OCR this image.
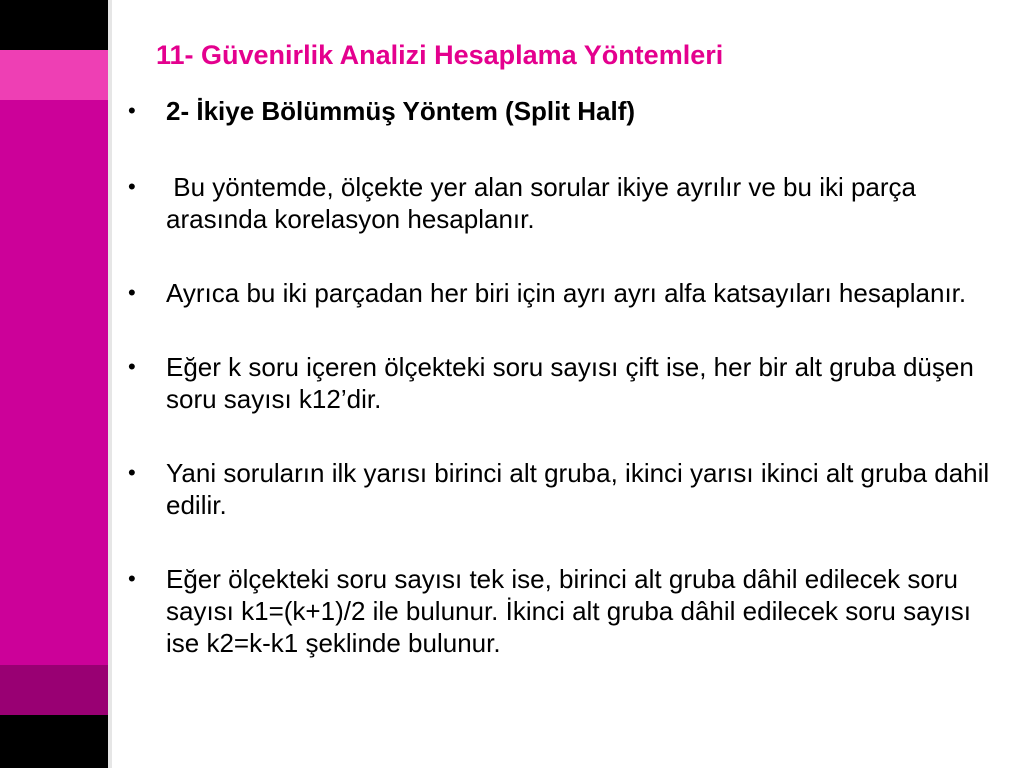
11- Güvenirlik Analizi Hesaplama Yöntemleri
•	2- İkiye Bölümmüş Yöntem (Split Half)
•	Bu yöntemde, ölçekte yer alan sorular ikiye ayrılır ve bu iki parça arasında korelasyon hesaplanır.
•	Ayrıca bu iki parçadan her biri için ayrı ayrı alfa katsayıları hesaplanır.
•	Eğer k soru içeren ölçekteki soru sayısı çift ise, her bir alt gruba düşen soru sayısı k12’dir.
•	Yani soruların ilk yarısı birinci alt gruba, ikinci yarısı ikinci alt gruba dahil edilir.
•	Eğer ölçekteki soru sayısı tek ise, birinci alt gruba dâhil edilecek soru sayısı k1=(k+1)/2 ile bulunur. İkinci alt gruba dâhil edilecek soru sayısı ise k2=k-k1 şeklinde bulunur.
